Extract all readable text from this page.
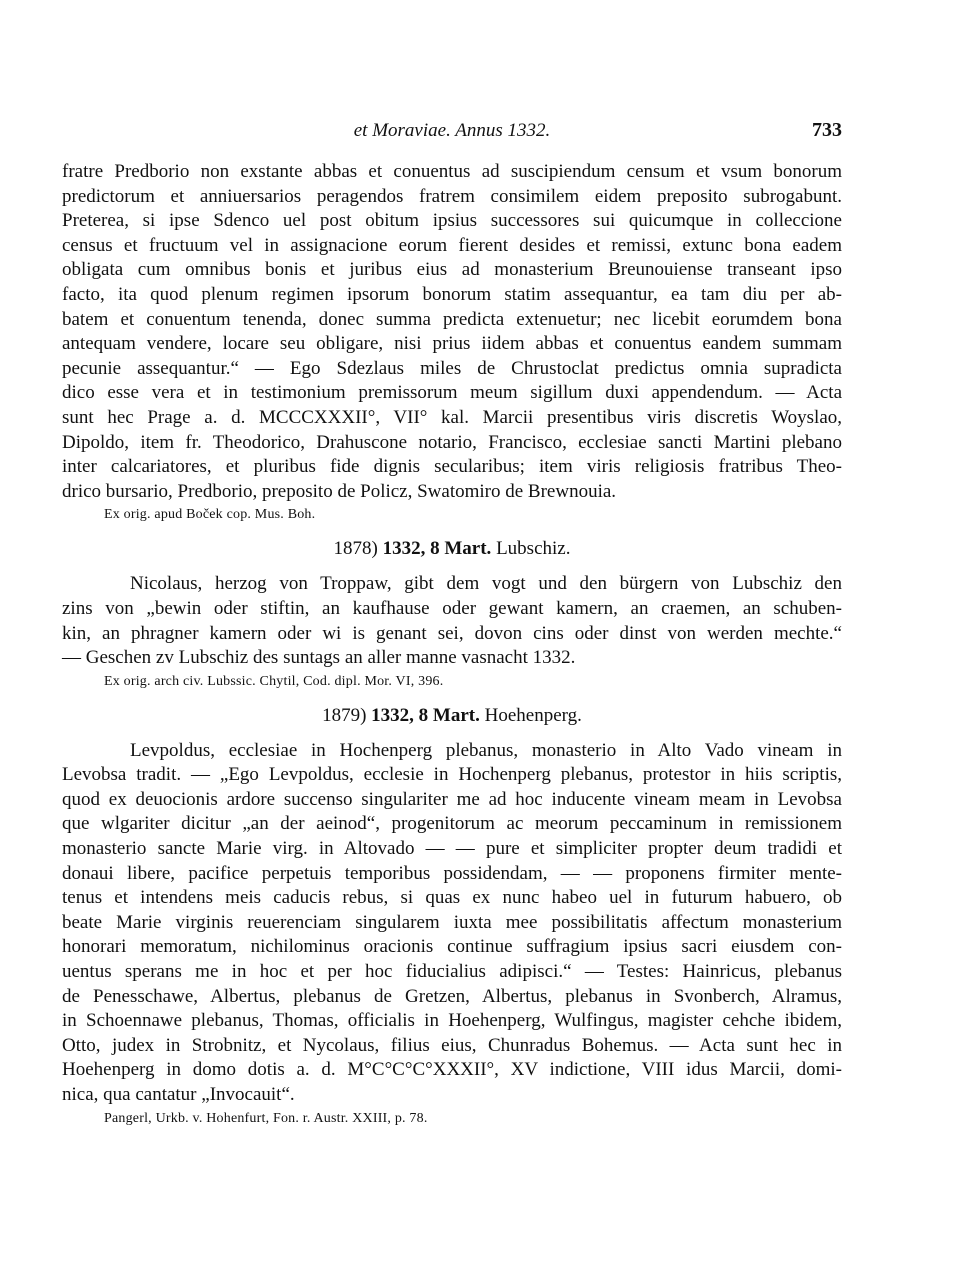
et Moraviae. Annus 1332.	733
fratre Predborio non exstante abbas et conuentus ad suscipiendum censum et vsum bonorum
predictorum et anniuersarios peragendos fratrem consimilem eidem preposito subrogabunt.
Preterea, si ipse Sdenco uel post obitum ipsius successores sui quicumque in colleccione
census et fructuum vel in assignacione eorum fierent desides et remissi, extunc bona eadem
obligata cum omnibus bonis et juribus eius ad monasterium Breunouiense transeant ipso
facto, ita quod plenum regimen ipsorum bonorum statim assequantur, ea tam diu per ab-
batem et conuentum tenenda, donec summa predicta extenuetur; nec licebit eorumdem bona
antequam vendere, locare seu obligare, nisi prius iidem abbas et conuentus eandem summam
pecunie assequantur.“ — Ego Sdezlaus miles de Chrustoclat predictus omnia supradicta
dico esse vera et in testimonium premissorum meum sigillum duxi appendendum. — Acta
sunt hec Prage a. d. MCCCXXXII°, VII° kal. Marcii presentibus viris discretis Woyslao,
Dipoldo, item fr. Theodorico, Drahuscone notario, Francisco, ecclesiae sancti Martini plebano
inter calcariatores, et pluribus fide dignis secularibus; item viris religiosis fratribus Theo-
drico bursario, Predborio, preposito de Policz, Swatomiro de Brewnouia.
Ex orig. apud Boček cop. Mus. Boh.
1878) 1332, 8 Mart. Lubschiz.
Nicolaus, herzog von Troppaw, gibt dem vogt und den bürgern von Lubschiz den
zins von „bewin oder stiftin, an kaufhause oder gewant kamern, an craemen, an schuben-
kin, an phragner kamern oder wi is genant sei, dovon cins oder dinst von werden mechte.“
— Geschen zv Lubschiz des suntags an aller manne vasnacht 1332.
Ex orig. arch civ. Lubssic. Chytil, Cod. dipl. Mor. VI, 396.
1879) 1332, 8 Mart. Hoehenperg.
Levpoldus, ecclesiae in Hochenperg plebanus, monasterio in Alto Vado vineam in
Levobsa tradit. — „Ego Levpoldus, ecclesie in Hochenperg plebanus, protestor in hiis scriptis,
quod ex deuocionis ardore succenso singulariter me ad hoc inducente vineam meam in Levobsa
que wlgariter dicitur „an der aeinod“, progenitorum ac meorum peccaminum in remissionem
monasterio sancte Marie virg. in Altovado — — pure et simpliciter propter deum tradidi et
donaui libere, pacifice perpetuis temporibus possidendam, — — proponens firmiter mente-
tenus et intendens meis caducis rebus, si quas ex nunc habeo uel in futurum habuero, ob
beate Marie virginis reuerenciam singularem iuxta mee possibilitatis affectum monasterium
honorari memoratum, nichilominus oracionis continue suffragium ipsius sacri eiusdem con-
uentus sperans me in hoc et per hoc fiducialius adipisci.“ — Testes: Hainricus, plebanus
de Penesschawe, Albertus, plebanus de Gretzen, Albertus, plebanus in Svonberch, Alramus,
in Schoennawe plebanus, Thomas, officialis in Hoehenperg, Wulfingus, magister cehche ibidem,
Otto, judex in Strobnitz, et Nycolaus, filius eius, Chunradus Bohemus. — Acta sunt hec in
Hoehenperg in domo dotis a. d. M°C°C°C°XXXII°, XV indictione, VIII idus Marcii, domi-
nica, qua cantatur „Invocauit“.
Pangerl, Urkb. v. Hohenfurt, Fon. r. Austr. XXIII, p. 78.
